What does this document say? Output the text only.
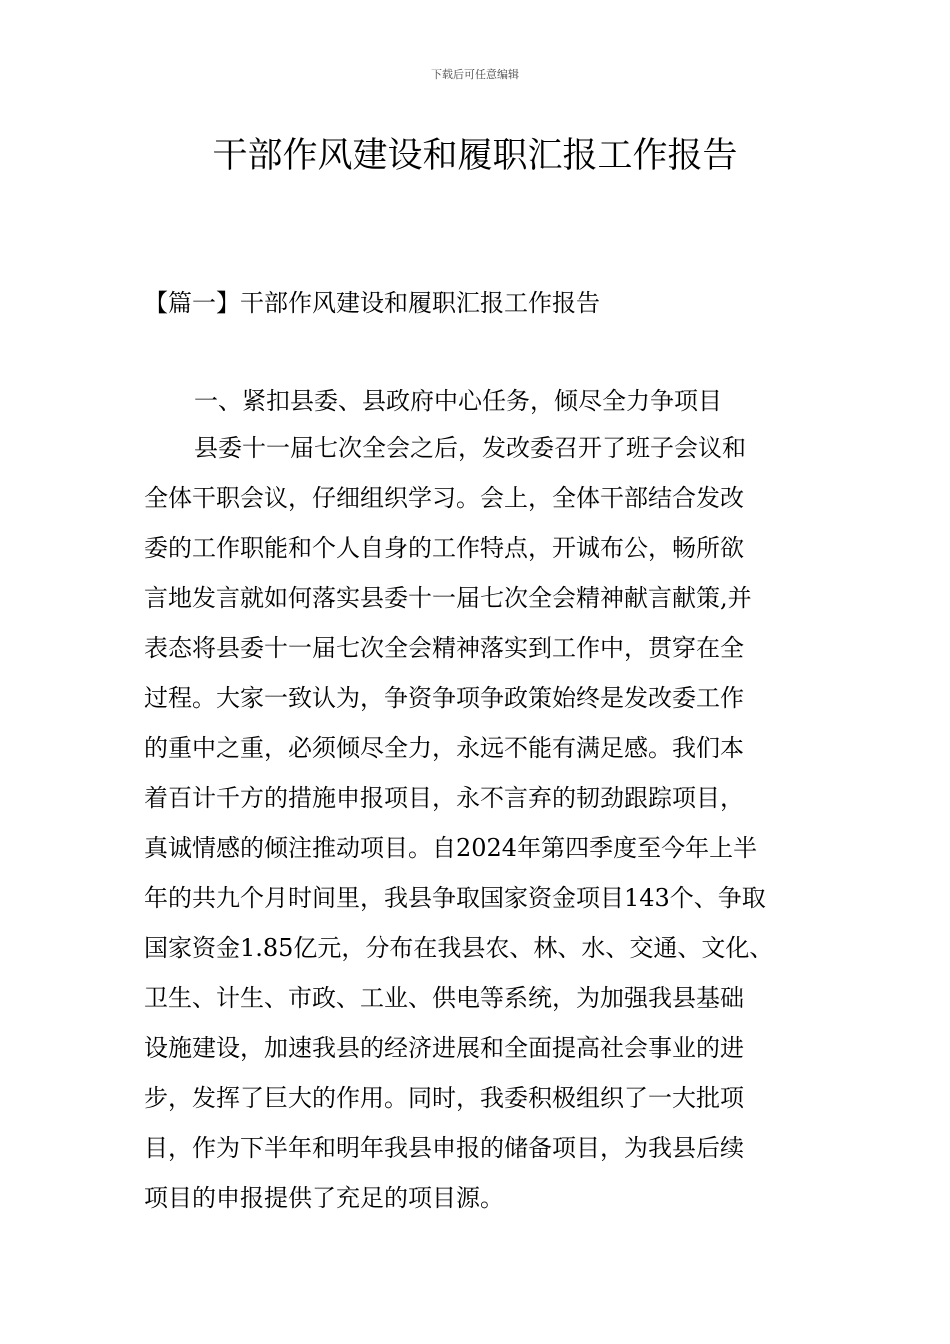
下载后可任意编辑
干部作风建设和履职汇报工作报告
【篇一】干部作风建设和履职汇报工作报告
一、紧扣县委、县政府中心任务，倾尽全力争项目
县委十一届七次全会之后，发改委召开了班子会议和
全体干职会议，仔细组织学习。会上，全体干部结合发改
委的工作职能和个人自身的工作特点，开诚布公，畅所欲
言地发言就如何落实县委十一届七次全会精神献言献策,并
表态将县委十一届七次全会精神落实到工作中，贯穿在全
过程。大家一致认为，争资争项争政策始终是发改委工作
的重中之重，必须倾尽全力，永远不能有满足感。我们本
着百计千方的措施申报项目，永不言弃的韧劲跟踪项目，
真诚情感的倾注推动项目。自2024年第四季度至今年上半
年的共九个月时间里，我县争取国家资金项目143个、争取
国家资金1.85亿元，分布在我县农、林、水、交通、文化、
卫生、计生、市政、工业、供电等系统，为加强我县基础
设施建设，加速我县的经济进展和全面提高社会事业的进
步，发挥了巨大的作用。同时，我委积极组织了一大批项
目，作为下半年和明年我县申报的储备项目，为我县后续
项目的申报提供了充足的项目源。
